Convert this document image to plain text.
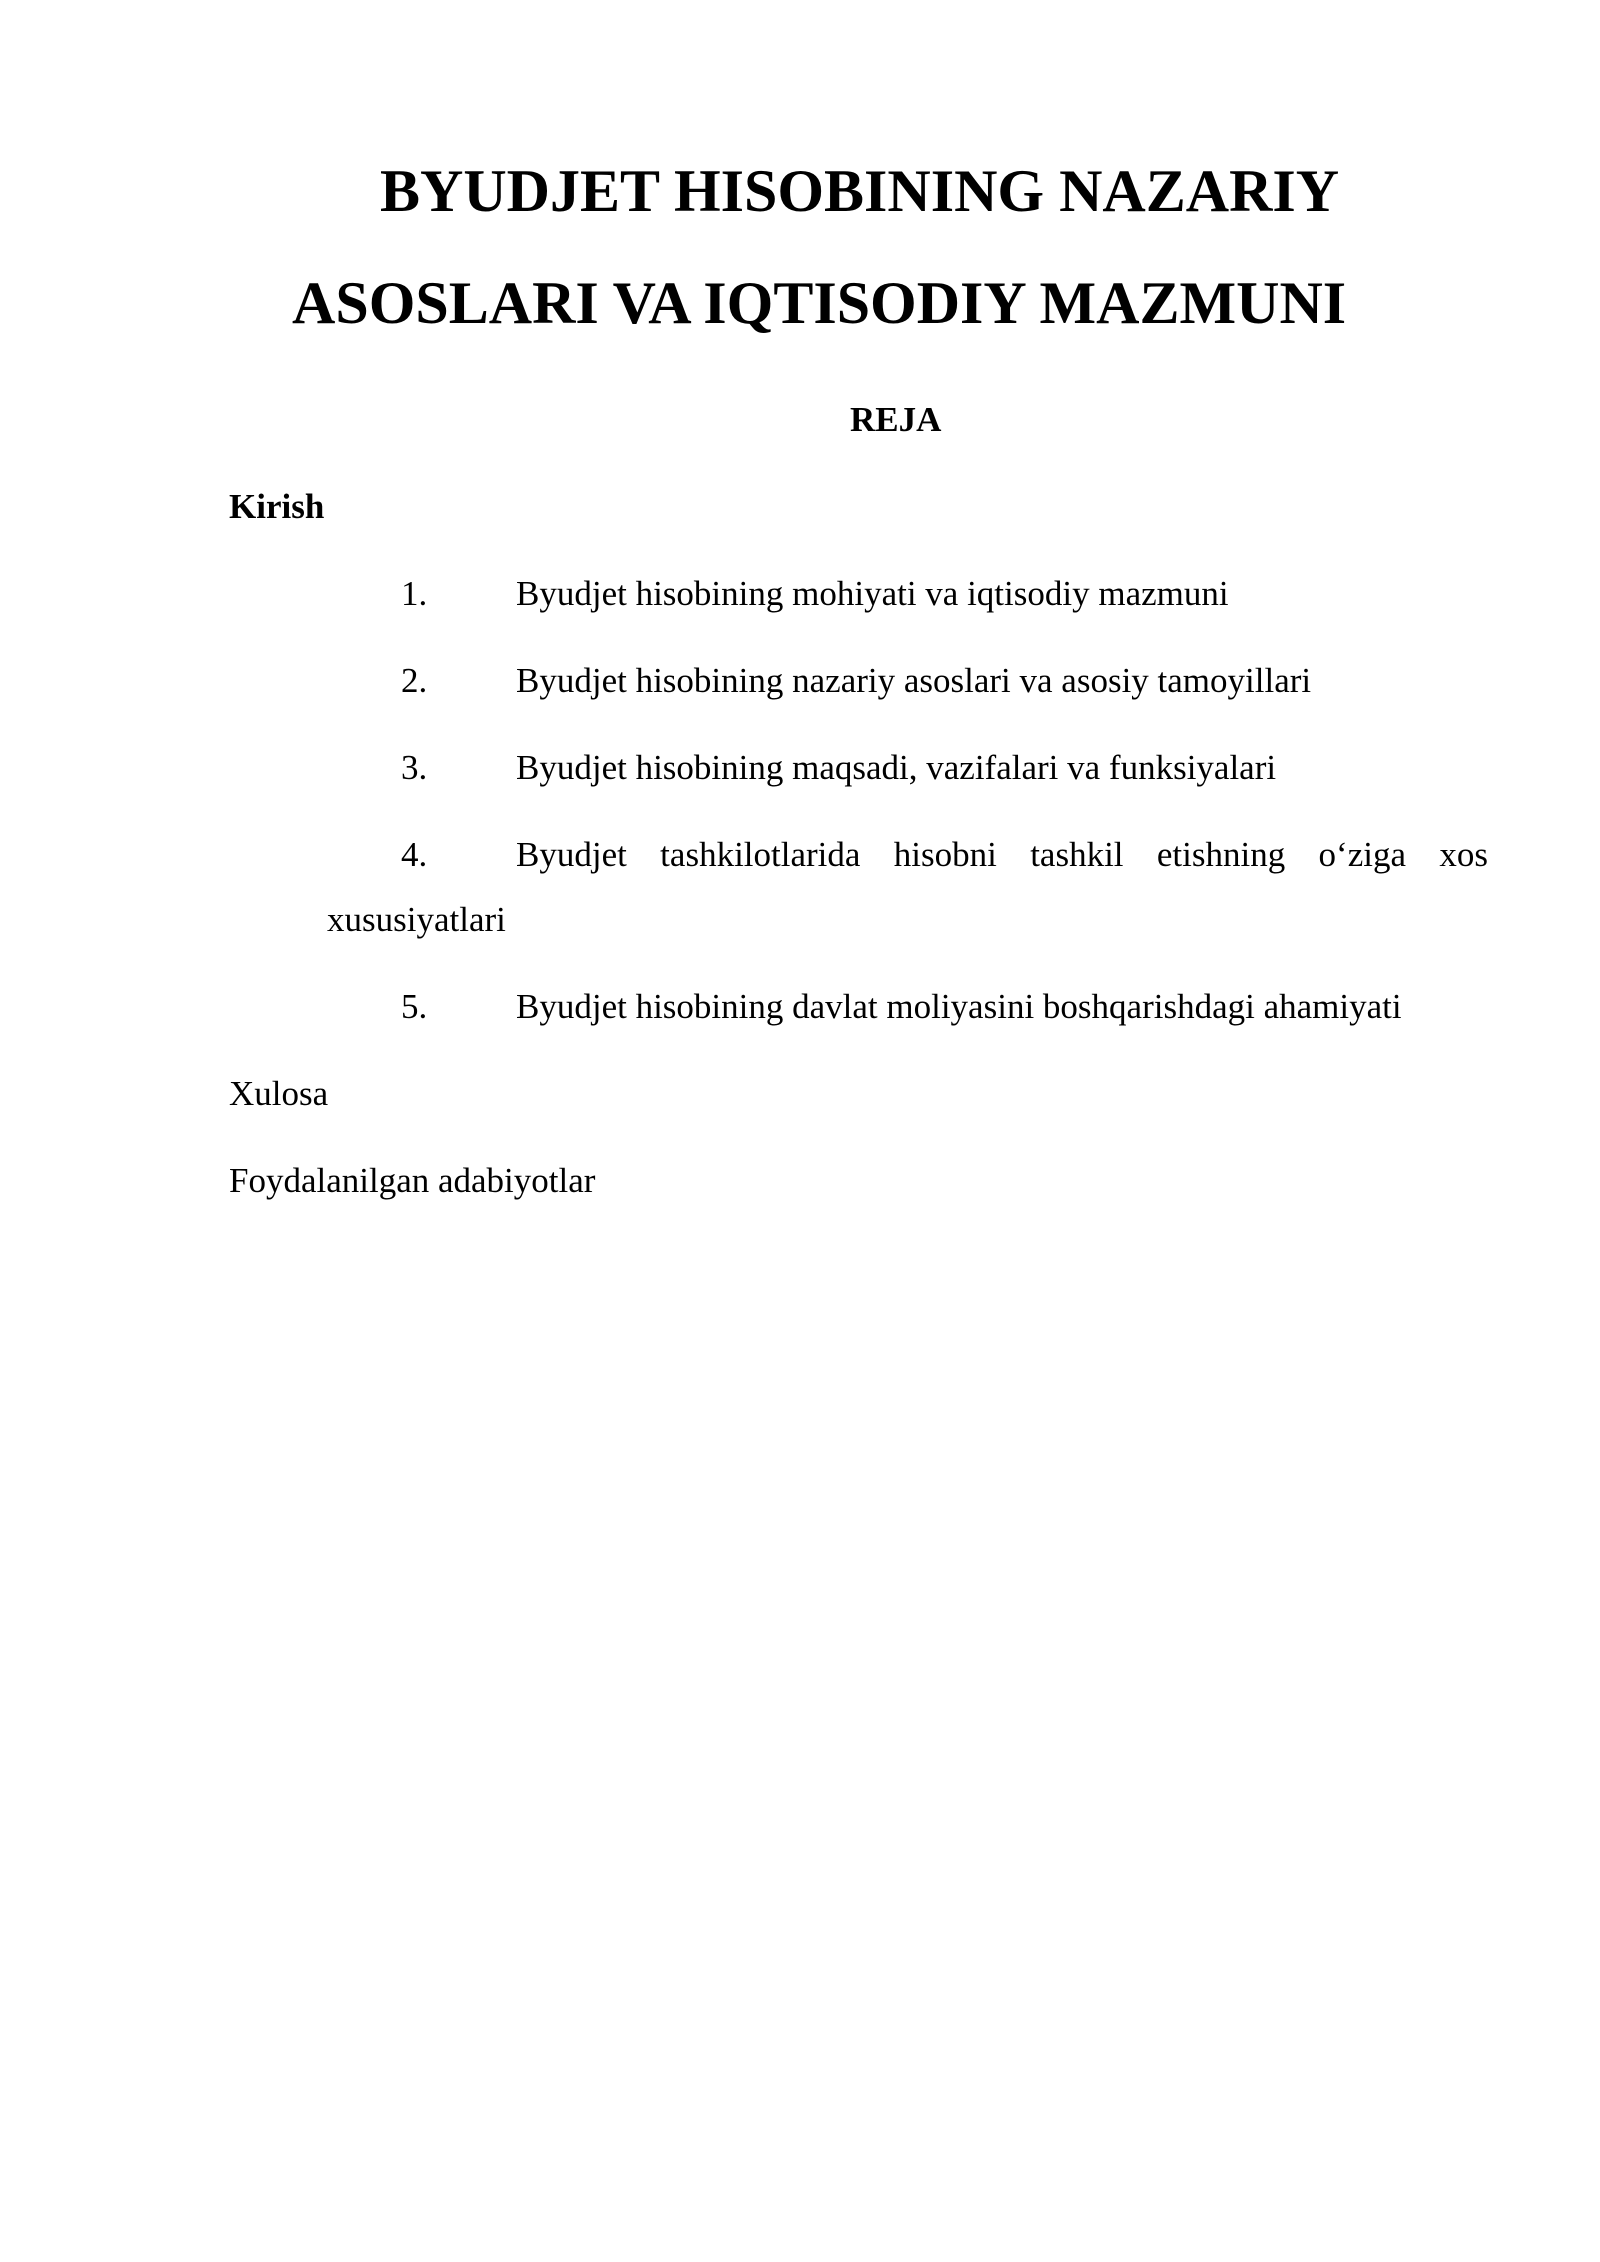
BYUDJET HISOBINING NAZARIY
ASOSLARI VA IQTISODIY MAZMUNI
REJA
Kirish
1.	Byudjet hisobining mohiyati va iqtisodiy mazmuni
2.	Byudjet hisobining nazariy asoslari va asosiy tamoyillari
3.	Byudjet hisobining maqsadi, vazifalari va funksiyalari
4.	Byudjet tashkilotlarida hisobni tashkil etishning o‘ziga xos
xususiyatlari
5.	Byudjet hisobining davlat moliyasini boshqarishdagi ahamiyati
Xulosa
Foydalanilgan adabiyotlar
